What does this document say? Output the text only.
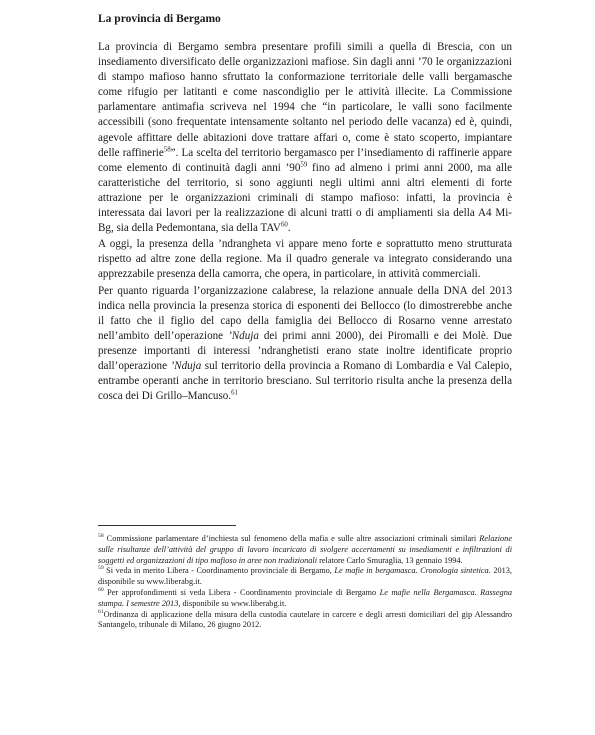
La provincia di Bergamo

La provincia di Bergamo sembra presentare profili simili a quella di Brescia, con un insediamento diversificato delle organizzazioni mafiose. Sin dagli anni ’70 le organizzazioni di stampo mafioso hanno sfruttato la conformazione territoriale delle valli bergamasche come rifugio per latitanti e come nascondiglio per le attività illecite. La Commissione parlamentare antimafia scriveva nel 1994 che “in particolare, le valli sono facilmente accessibili (sono frequentate intensamente soltanto nel periodo delle vacanza) ed è, quindi, agevole affittare delle abitazioni dove trattare affari o, come è stato scoperto, impiantare delle raffinerie$^{58}$”. La scelta del territorio bergamasco per l’insediamento di raffinerie appare come elemento di continuità dagli anni $’90^{59}$ fino ad almeno i primi anni 2000, ma alle caratteristiche del territorio, si sono aggiunti negli ultimi anni altri elementi di forte attrazione per le organizzazioni criminali di stampo mafioso: infatti, la provincia è interessata dai lavori per la realizzazione di alcuni tratti o di ampliamenti sia della A4 Mi-Bg, sia della Pedemontana, sia della TAV$^{60}$.

A oggi, la presenza della ’ndrangheta vi appare meno forte e soprattutto meno strutturata rispetto ad altre zone della regione. Ma il quadro generale va integrato considerando una apprezzabile presenza della camorra, che opera, in particolare, in attività commerciali.

Per quanto riguarda l’organizzazione calabrese, la relazione annuale della DNA del 2013 indica nella provincia la presenza storica di esponenti dei Bellocco (lo dimostrerebbe anche il fatto che il figlio del capo della famiglia dei Bellocco di Rosarno venne arrestato nell’ambito dell’operazione ’Nduja dei primi anni 2000), dei Piromalli e dei Molè. Due presenze importanti di interessi ’ndranghetisti erano state inoltre identificate proprio dall’operazione ’Nduja sul territorio della provincia a Romano di Lombardia e Val Calepio, entrambe operanti anche in territorio bresciano. Sul territorio risulta anche la presenza della cosca dei Di Grillo–Mancuso.$^{61}$

$^{58}$ Commissione parlamentare d’inchiesta sul fenomeno della mafia e sulle altre associazioni criminali similari Relazione sulle risultanze dell’attività del gruppo di lavoro incaricato di svolgere accertamenti su insediamenti e infiltrazioni di soggetti ed organizzazioni di tipo mafioso in aree non tradizionali relatore Carlo Smuraglia, 13 gennaio 1994.

$^{59}$ Si veda in merito Libera - Coordinamento provinciale di Bergamo, Le mafie in bergamasca. Cronologia sintetica. 2013, disponibile su www.liberabg.it.

$^{60}$ Per approfondimenti si veda Libera - Coordinamento provinciale di Bergamo Le mafie nella Bergamasca. Rassegna stampa. I semestre 2013, disponibile su www.liberabg.it.

$^{61}$Ordinanza di applicazione della misura della custodia cautelare in carcere e degli arresti domiciliari del gip Alessandro Santangelo, tribunale di Milano, 26 giugno 2012.
